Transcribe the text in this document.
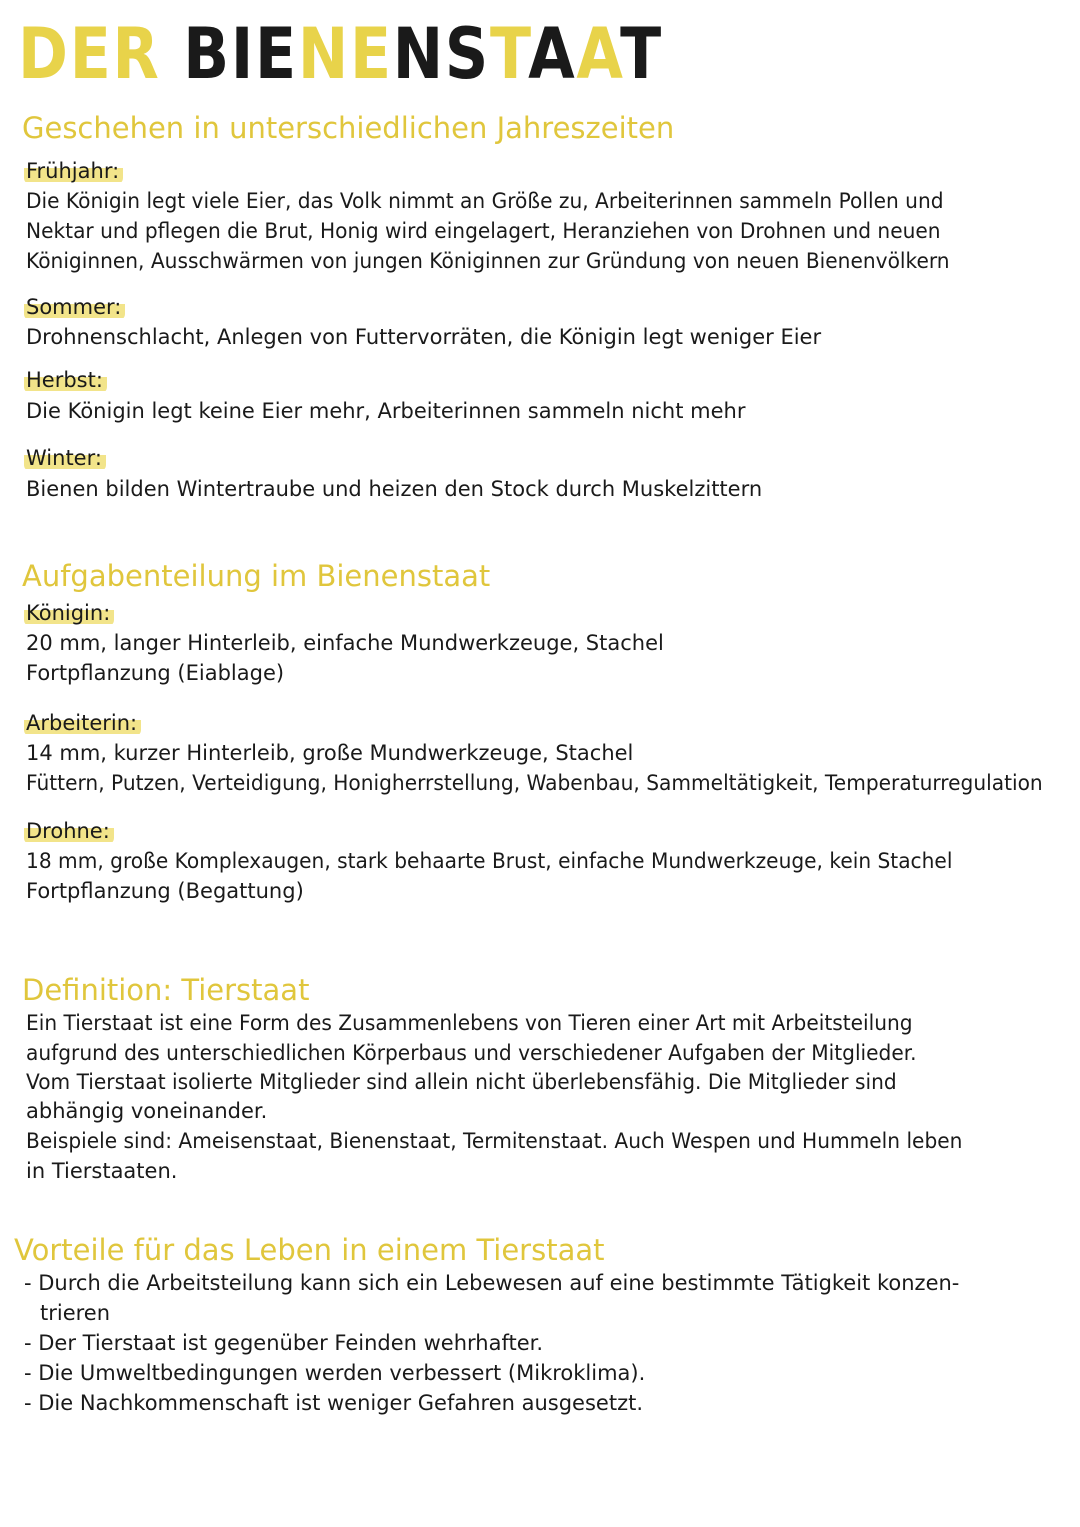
DER BIENENSTAAT
Geschehen in unterschiedlichen Jahreszeiten
Frühjahr:
Die Königin legt viele Eier, das Volk nimmt an Größe zu, Arbeiterinnen sammeln Pollen und
Nektar und pflegen die Brut, Honig wird eingelagert, Heranziehen von Drohnen und neuen
Königinnen, Ausschwärmen von jungen Königinnen zur Gründung von neuen Bienenvölkern
Sommer:
Drohnenschlacht, Anlegen von Futtervorräten, die Königin legt weniger Eier
Herbst:
Die Königin legt keine Eier mehr, Arbeiterinnen sammeln nicht mehr
Winter:
Bienen bilden Wintertraube und heizen den Stock durch Muskelzittern
Aufgabenteilung im Bienenstaat
Königin:
20 mm, langer Hinterleib, einfache Mundwerkzeuge, Stachel
Fortpflanzung (Eiablage)
Arbeiterin:
14 mm, kurzer Hinterleib, große Mundwerkzeuge, Stachel
Füttern, Putzen, Verteidigung, Honigherrstellung, Wabenbau, Sammeltätigkeit, Temperaturregulation
Drohne:
18 mm, große Komplexaugen, stark behaarte Brust, einfache Mundwerkzeuge, kein Stachel
Fortpflanzung (Begattung)
Definition: Tierstaat
Ein Tierstaat ist eine Form des Zusammenlebens von Tieren einer Art mit Arbeitsteilung
aufgrund des unterschiedlichen Körperbaus und verschiedener Aufgaben der Mitglieder.
Vom Tierstaat isolierte Mitglieder sind allein nicht überlebensfähig. Die Mitglieder sind
abhängig voneinander.
Beispiele sind: Ameisenstaat, Bienenstaat, Termitenstaat. Auch Wespen und Hummeln leben
in Tierstaaten.
Vorteile für das Leben in einem Tierstaat
- Durch die Arbeitsteilung kann sich ein Lebewesen auf eine bestimmte Tätigkeit konzen-
trieren
- Der Tierstaat ist gegenüber Feinden wehrhafter.
- Die Umweltbedingungen werden verbessert (Mikroklima).
- Die Nachkommenschaft ist weniger Gefahren ausgesetzt.
